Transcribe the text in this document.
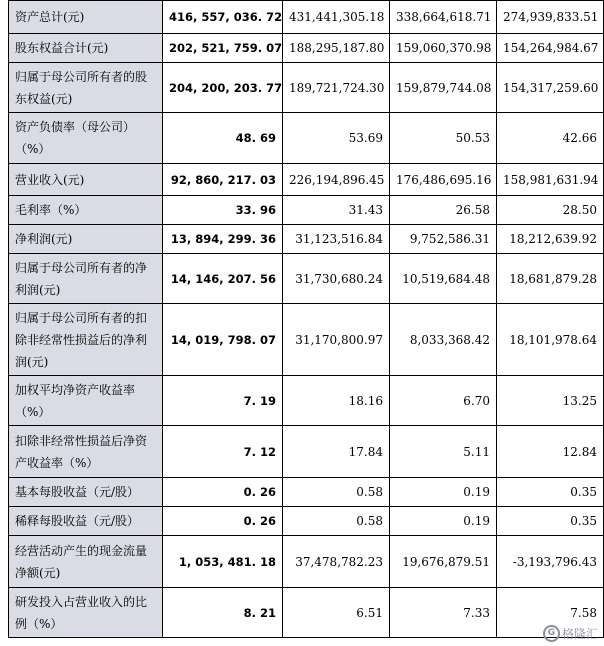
资产总计(元)	416, 557, 036. 72	431,441,305.18	338,664,618.71	274,939,833.51
股东权益合计(元)	202, 521, 759. 07	188,295,187.80	159,060,370.98	154,264,984.67
归属于母公司所有者的股东权益(元)	204, 200, 203. 77	189,721,724.30	159,879,744.08	154,317,259.60
资产负债率（母公司）（%）	48. 69	53.69	50.53	42.66
营业收入(元)	92, 860, 217. 03	226,194,896.45	176,486,695.16	158,981,631.94
毛利率（%）	33. 96	31.43	26.58	28.50
净利润(元)	13, 894, 299. 36	31,123,516.84	9,752,586.31	18,212,639.92
归属于母公司所有者的净利润(元)	14, 146, 207. 56	31,730,680.24	10,519,684.48	18,681,879.28
归属于母公司所有者的扣除非经常性损益后的净利润(元)	14, 019, 798. 07	31,170,800.97	8,033,368.42	18,101,978.64
加权平均净资产收益率（%）	7. 19	18.16	6.70	13.25
扣除非经常性损益后净资产收益率（%）	7. 12	17.84	5.11	12.84
基本每股收益（元/股）	0. 26	0.58	0.19	0.35
稀释每股收益（元/股）	0. 26	0.58	0.19	0.35
经营活动产生的现金流量净额(元)	1, 053, 481. 18	37,478,782.23	19,676,879.51	-3,193,796.43
研发投入占营业收入的比例（%）	8. 21	6.51	7.33	7.58
G 格隆汇
